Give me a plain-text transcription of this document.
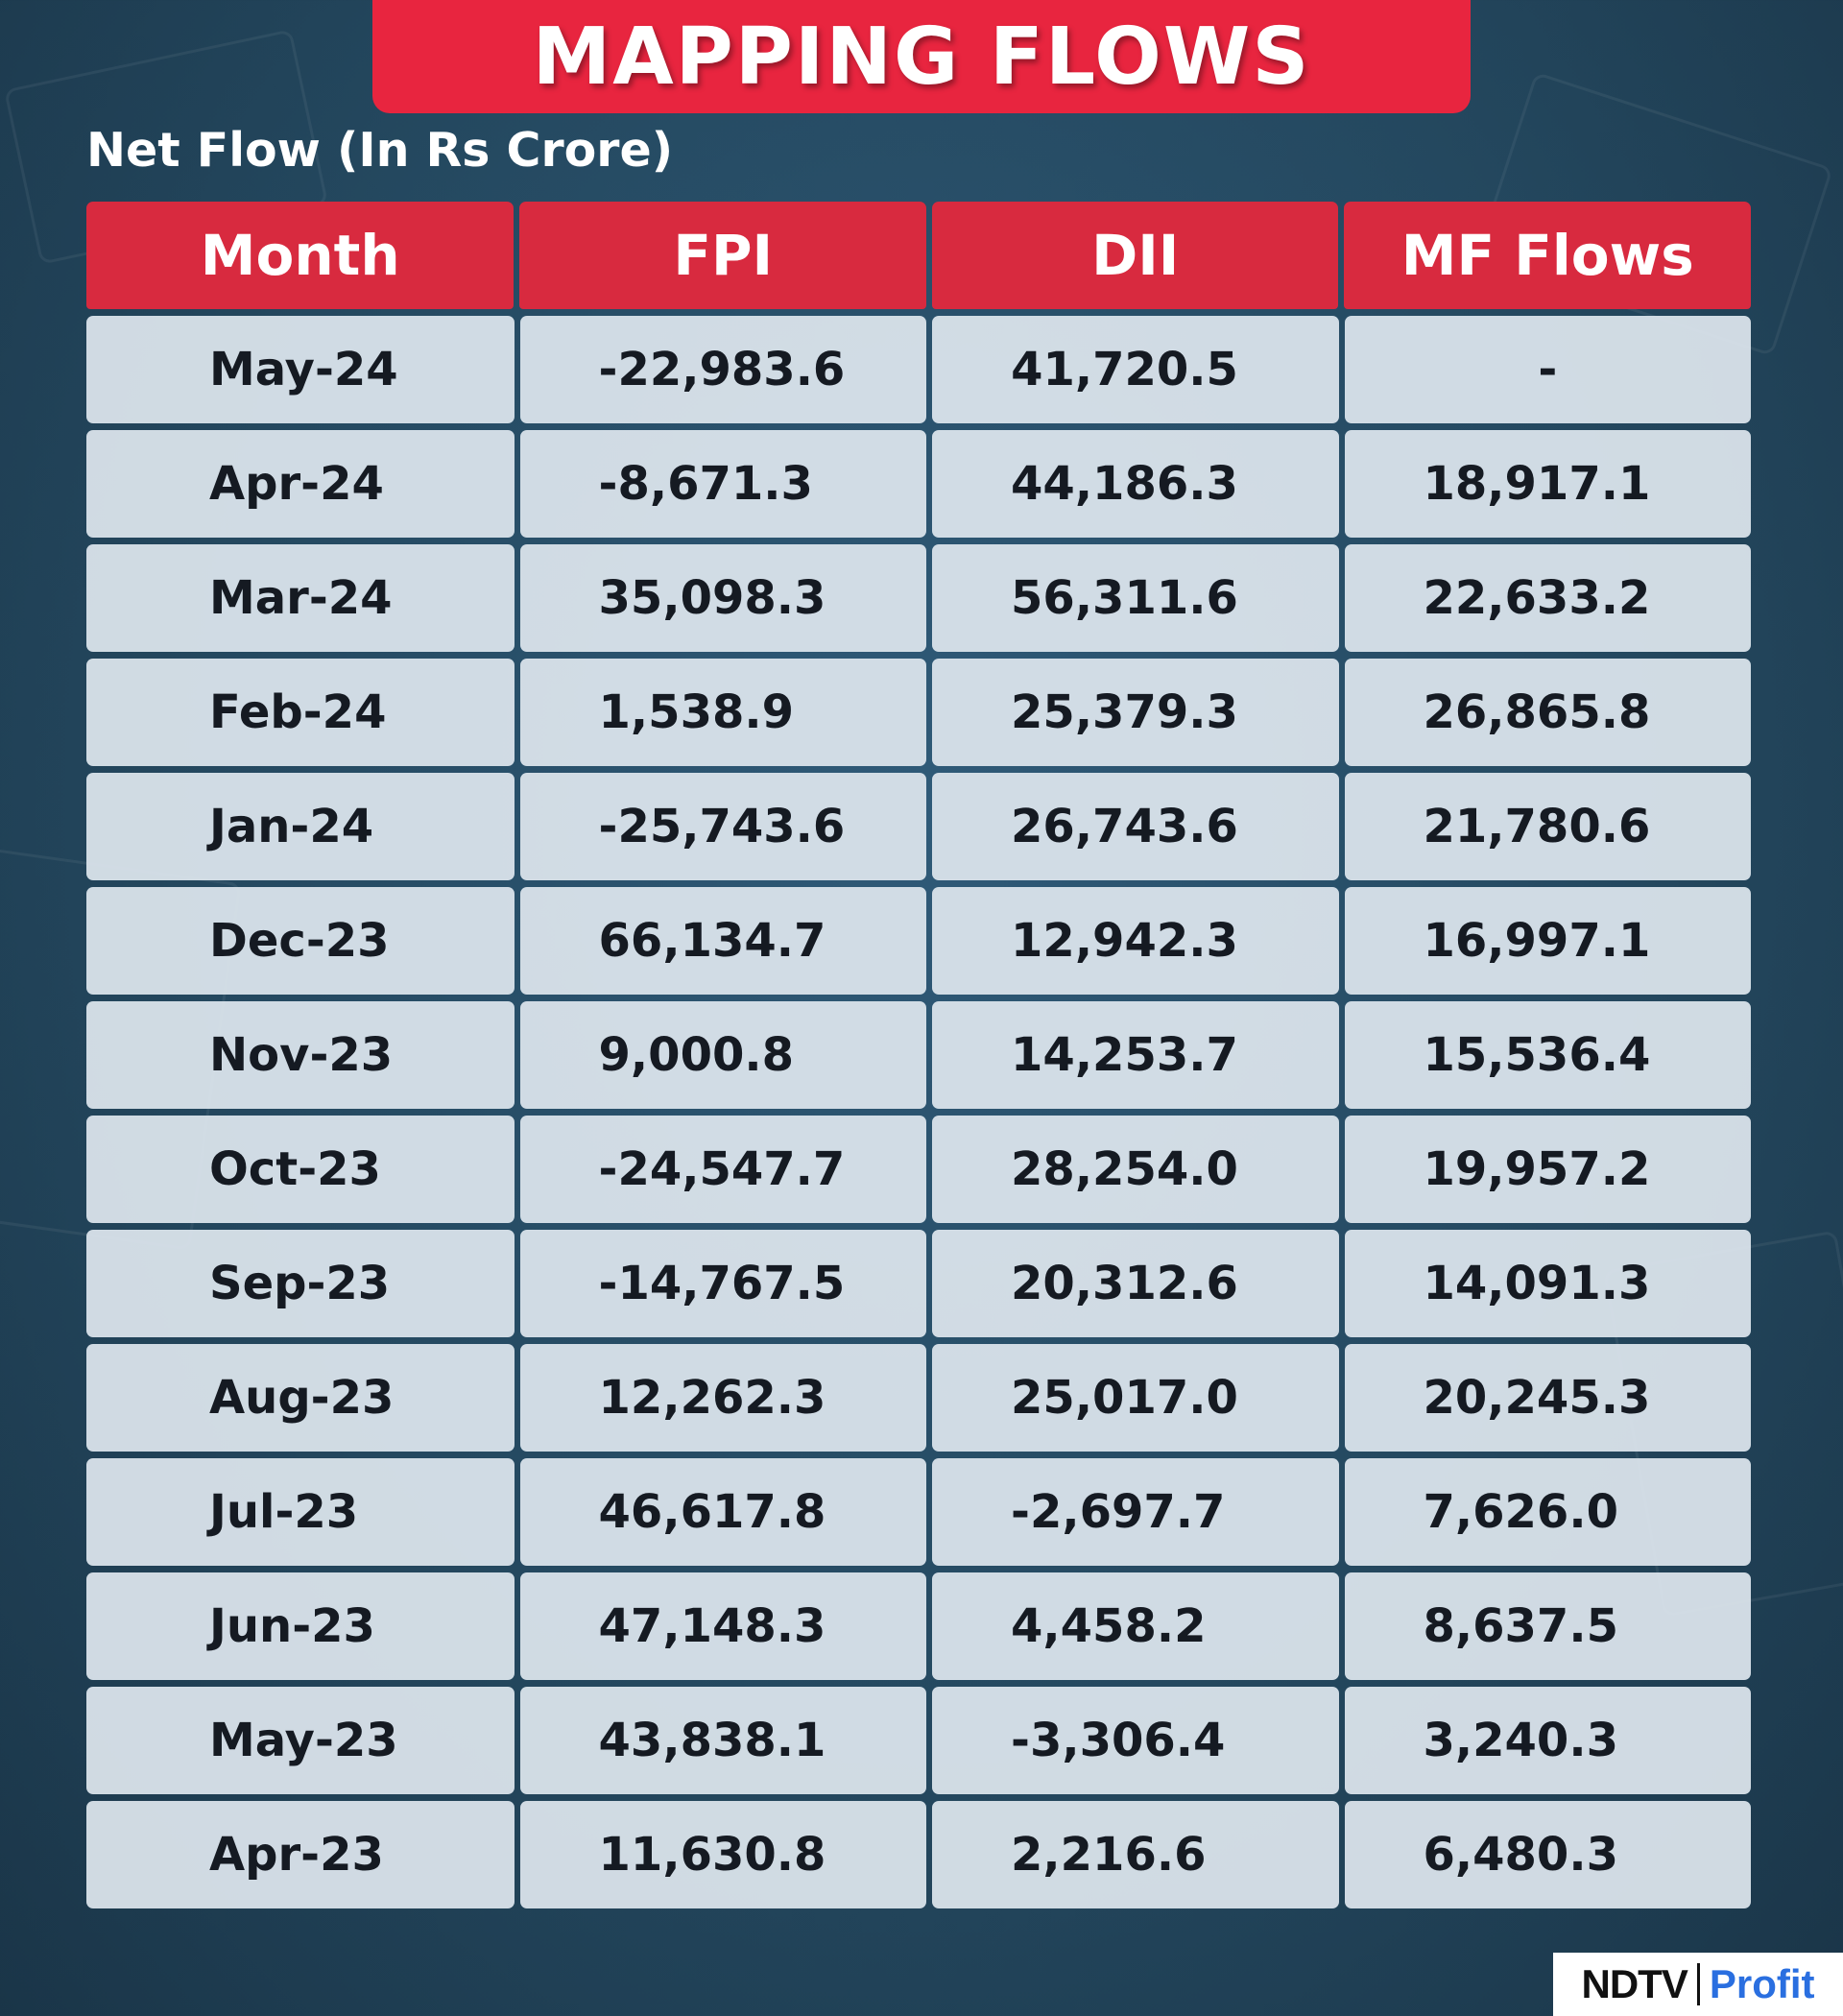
MAPPING FLOWS
Net Flow (In Rs Crore)
Month	FPI	DII	MF Flows
May-24	-22,983.6	41,720.5	-
Apr-24	-8,671.3	44,186.3	18,917.1
Mar-24	35,098.3	56,311.6	22,633.2
Feb-24	1,538.9	25,379.3	26,865.8
Jan-24	-25,743.6	26,743.6	21,780.6
Dec-23	66,134.7	12,942.3	16,997.1
Nov-23	9,000.8	14,253.7	15,536.4
Oct-23	-24,547.7	28,254.0	19,957.2
Sep-23	-14,767.5	20,312.6	14,091.3
Aug-23	12,262.3	25,017.0	20,245.3
Jul-23	46,617.8	-2,697.7	7,626.0
Jun-23	47,148.3	4,458.2	8,637.5
May-23	43,838.1	-3,306.4	3,240.3
Apr-23	11,630.8	2,216.6	6,480.3
NDTV Profit
